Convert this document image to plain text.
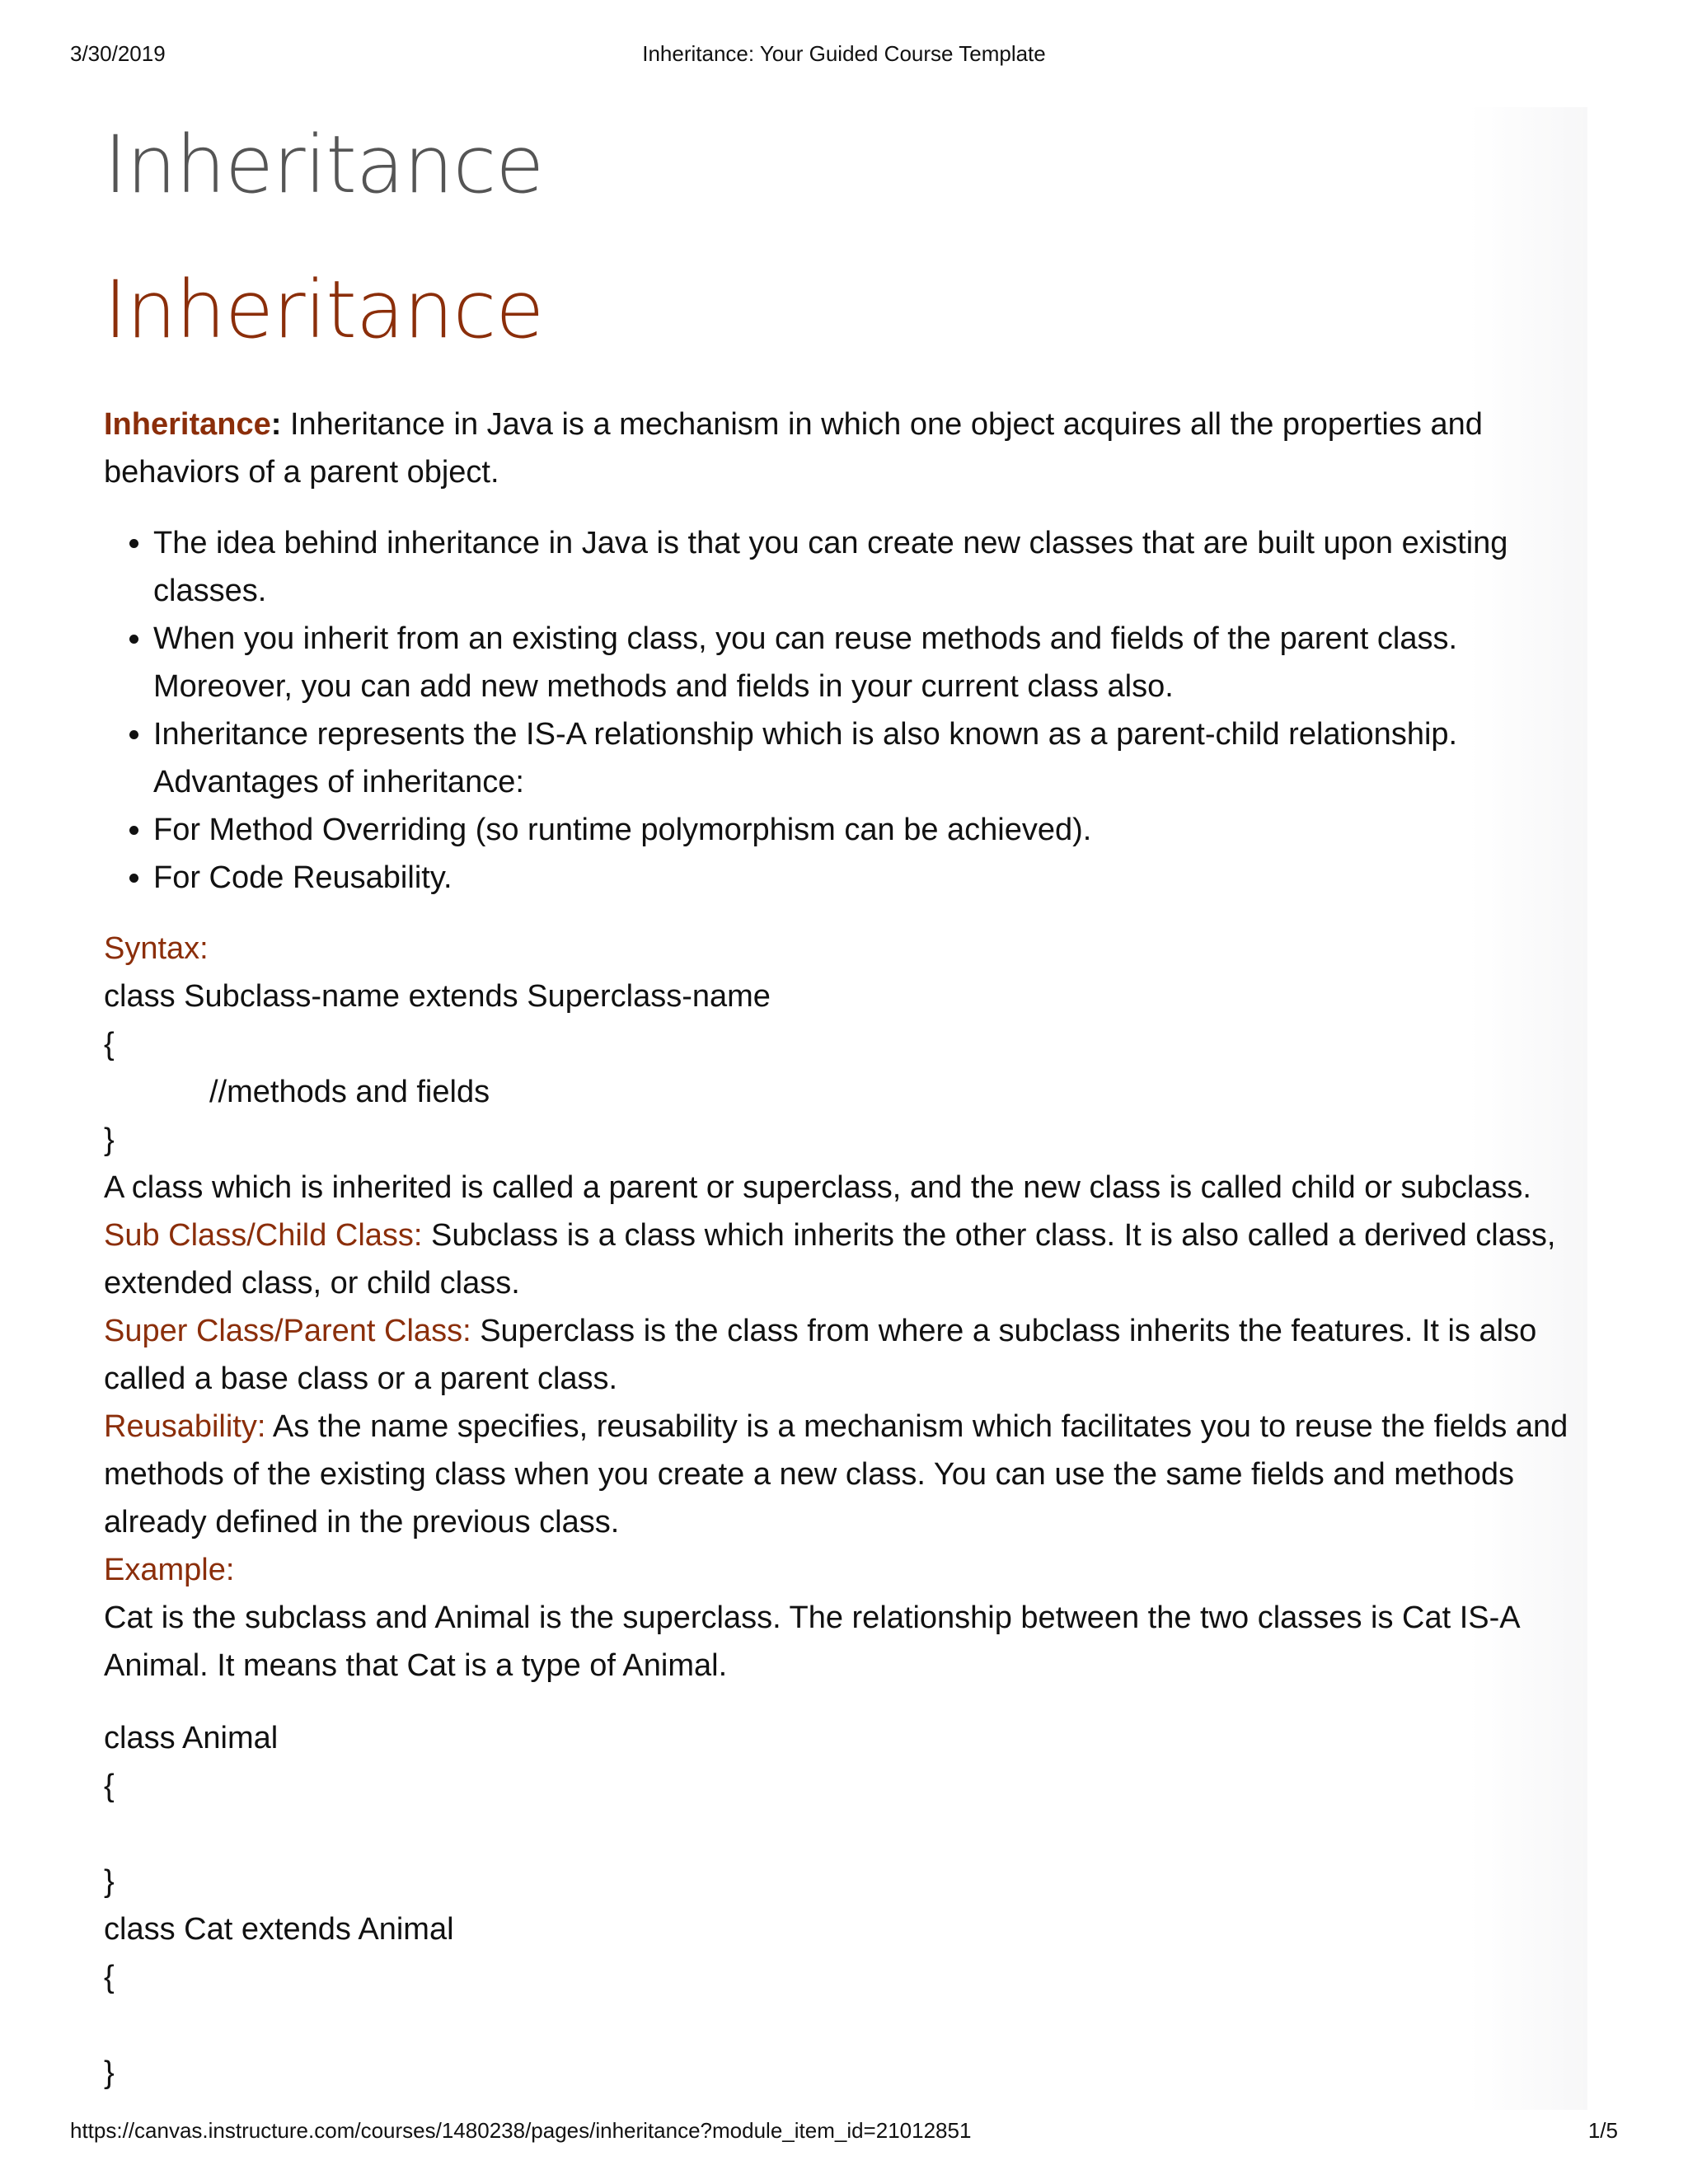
3/30/2019	Inheritance: Your Guided Course Template
Inheritance
Inheritance

Inheritance: Inheritance in Java is a mechanism in which one object acquires all the properties and behaviors of a parent object.

• The idea behind inheritance in Java is that you can create new classes that are built upon existing classes.
• When you inherit from an existing class, you can reuse methods and fields of the parent class. Moreover, you can add new methods and fields in your current class also.
• Inheritance represents the IS-A relationship which is also known as a parent-child relationship. Advantages of inheritance:
• For Method Overriding (so runtime polymorphism can be achieved).
• For Code Reusability.
Syntax:
class Subclass-name extends Superclass-name
{
//methods and fields
}
A class which is inherited is called a parent or superclass, and the new class is called child or subclass.
Sub Class/Child Class: Subclass is a class which inherits the other class. It is also called a derived class, extended class, or child class.
Super Class/Parent Class: Superclass is the class from where a subclass inherits the features. It is also called a base class or a parent class.
Reusability: As the name specifies, reusability is a mechanism which facilitates you to reuse the fields and methods of the existing class when you create a new class. You can use the same fields and methods already defined in the previous class.
Example:
Cat is the subclass and Animal is the superclass. The relationship between the two classes is Cat IS-A Animal. It means that Cat is a type of Animal.
class Animal
{
}
class Cat extends Animal
{
}
https://canvas.instructure.com/courses/1480238/pages/inheritance?module_item_id=21012851	1/5
